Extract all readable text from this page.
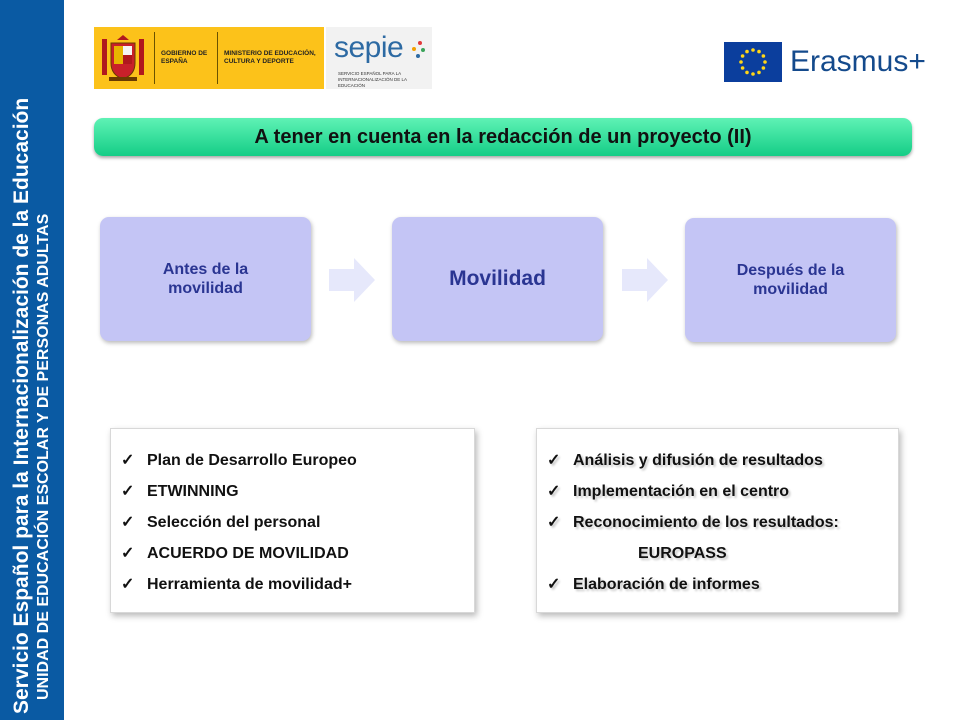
Servicio Español para la Internacionalización de la Educación UNIDAD DE EDUCACIÓN ESCOLAR Y DE PERSONAS ADULTAS
GOBIERNO DE ESPAÑA
MINISTERIO DE EDUCACIÓN, CULTURA Y DEPORTE	sepie
SERVICIO ESPAÑOL PARA LA INTERNACIONALIZACIÓN DE LA EDUCACIÓN
Erasmus+
A tener en cuenta en la redacción de un proyecto (II)
Antes de la movilidad	Movilidad	Después de la movilidad
✓ Plan de Desarrollo Europeo
✓ ETWINNING
✓ Selección del personal
✓ ACUERDO DE MOVILIDAD
✓ Herramienta de movilidad+
✓ Análisis y difusión de resultados
✓ Implementación en el centro
✓ Reconocimiento de los resultados:
EUROPASS
✓ Elaboración de informes
